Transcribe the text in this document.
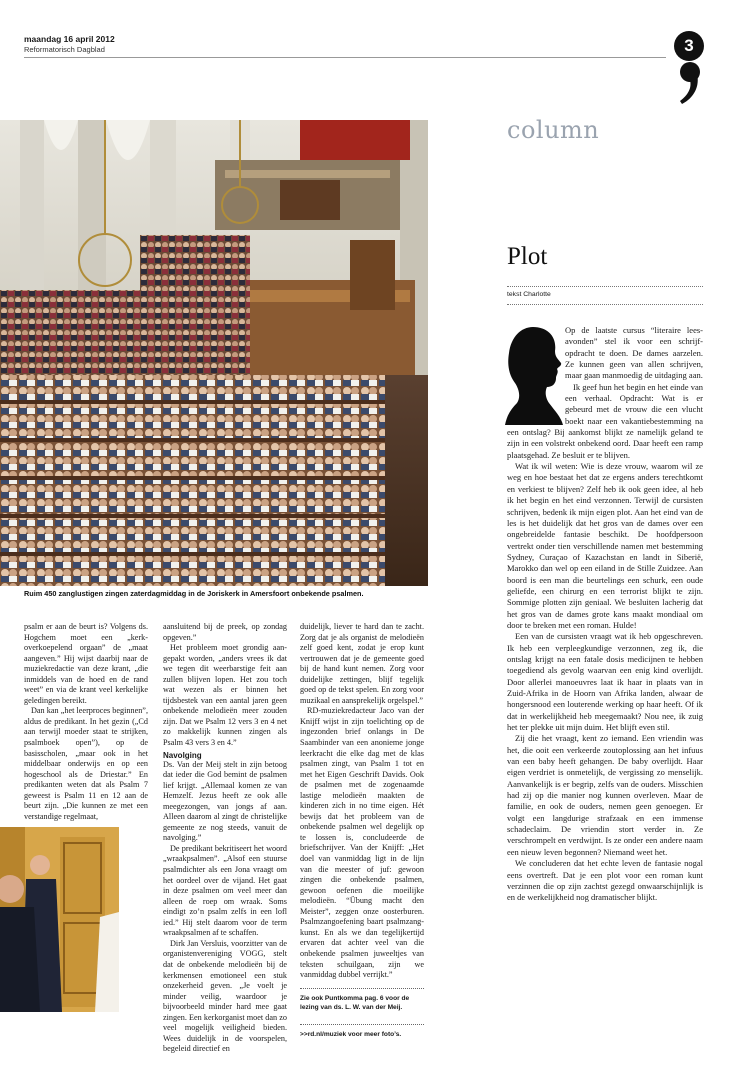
maandag 16 april 2012
Reformatorisch Dagblad	3
Ruim 450 zanglustigen zingen zaterdagmiddag in de Joriskerk in Amersfoort onbekende psalmen.

psalm er aan de beurt is? Volgens ds. Hogchem moet een „kerkoverkoepelend orgaan” de „maat aangeven.” Hij wijst daarbij naar de muziekredactie van deze krant, „die inmiddels van de hoed en de rand weet” en via de krant veel kerkelijke geledingen bereikt.

Dan kan „het leerproces beginnen”, aldus de predikant. In het gezin („Cd aan terwijl moeder staat te strijken, psalmboek open”), op de basisscholen, „maar ook in het middelbaar onderwijs en op een hogeschool als de Driestar.” En predikanten weten dat als Psalm 7 geweest is Psalm 11 en 12 aan de beurt zijn. „Die kunnen ze met een verstandige regelmaat,

aansluitend bij de preek, op zondag opgeven.”

Het probleem moet grondig aangepakt worden, „anders vrees ik dat we tegen dit weerbarstige feit aan zullen blijven lopen. Het zou toch wat wezen als er binnen het tijdsbestek van een aantal jaren geen onbekende melodieën meer zouden zijn. Dat we Psalm 12 vers 3 en 4 net zo makkelijk kunnen zingen als Psalm 43 vers 3 en 4.”

Navolging

Ds. Van der Meij stelt in zijn betoog dat ieder die God bemint de psalmen lief krijgt. „Allemaal komen ze van Hemzelf. Jezus heeft ze ook alle meegezongen, van jongs af aan. Alleen daarom al zingt de christelijke gemeente ze nog steeds, vanuit de navolging.”

De predikant bekritiseert het woord „wraakpsalmen”. „Alsof een stuurse psalmdichter als een Jona vraagt om het oordeel over de vijand. Het gaat in deze psalmen om veel meer dan alleen de roep om wraak. Soms eindigt zo’n psalm zelfs in een lofl ied.” Hij stelt daarom voor de term wraakpsalmen af te schaffen.

Dirk Jan Versluis, voorzitter van de organistenvereniging VOGG, stelt dat de onbekende melodieën bij de kerkmensen emotioneel een stuk onzekerheid geven. „Je voelt je minder veilig, waardoor je bijvoorbeeld minder hard mee gaat zingen. Een kerkorganist moet dan zo veel mogelijk veiligheid bieden. Wees duidelijk in de voorspelen, begeleid directief en

duidelijk, liever te hard dan te zacht. Zorg dat je als organist de melodieën zelf goed kent, zodat je erop kunt vertrouwen dat je de gemeente goed bij de hand kunt nemen. Zorg voor duidelijke zettingen, blijf tegelijk goed op de tekst spelen. En zorg voor muzikaal en aansprekelijk orgelspel.”

RD-muziekredacteur Jaco van der Knijff wijst in zijn toelichting op de ingezonden brief onlangs in De Saambinder van een anonieme jonge leerkracht die elke dag met de klas psalmen zingt, van Psalm 1 tot en met het Eigen Geschrift Davids. Ook de psalmen met de zogenaamde lastige melodieën maakten de kinderen zich in no time eigen. Hét bewijs dat het probleem van de onbekende psalmen wel degelijk op te lossen is, concludeerde de briefschrijver. Van der Knijff: „Het doel van vanmiddag ligt in de lijn van die meester of juf: gewoon zingen die onbekende psalmen, gewoon oefenen die moeilijke melodieën. “Übung macht den Meister”, zeggen onze oosterburen. Psalmzangoefening baart psalmzangkunst. En als we dan tegelijkertijd ervaren dat achter veel van die onbekende psalmen juweeltjes van teksten schuilgaan, zijn we vanmiddag dubbel verrijkt.”

Zie ook Puntkomma pag. 6 voor de lezing van ds. L. W. van der Meij.
>>rd.nl/muziek voor meer foto’s.
column
Plot
tekst Charlotte

Op de laatste cursus “literaire leesavonden” stel ik voor een schrijfopdracht te doen. De dames aarzelen. Ze kunnen geen van allen schrijven, maar gaan manmoedig de uitdaging aan.

Ik geef hun het begin en het einde van een verhaal. Opdracht: Wat is er gebeurd met de vrouw die een vlucht boekt naar een vakantiebestemming na een ontslag? Bij aankomst blijkt ze namelijk geland te zijn in een volstrekt onbekend oord. Daar heeft een ramp plaatsgehad. Ze besluit er te blijven.

Wat ik wil weten: Wie is deze vrouw, waarom wil ze weg en hoe bestaat het dat ze ergens anders terechtkomt en verkiest te blijven? Zelf heb ik ook geen idee, al heb ik het begin en het eind verzonnen. Terwijl de cursisten schrijven, bedenk ik mijn eigen plot. Aan het eind van de les is het duidelijk dat het gros van de dames over een ongebreidelde fantasie beschikt. De hoofdpersoon vertrekt onder tien verschillende namen met bestemming Sydney, Curaçao of Kazachstan en landt in Siberië, Marokko dan wel op een eiland in de Stille Zuidzee. Aan boord is een man die beurtelings een schurk, een oude geliefde, een chirurg en een terrorist blijkt te zijn. Sommige plotten zijn geniaal. We besluiten lacherig dat het gros van de dames grote kans maakt mondiaal om door te breken met een roman. Hulde!

Een van de cursisten vraagt wat ik heb opgeschreven. Ik heb een verpleegkundige verzonnen, zeg ik, die ontslag krijgt na een fatale dosis medicijnen te hebben toegediend als gevolg waarvan een enig kind overlijdt. Door allerlei manoeuvres laat ik haar in plaats van in Zuid-Afrika in de Hoorn van Afrika landen, alwaar de hongersnood een louterende werking op haar heeft. Of ik dat in werkelijkheid heb meegemaakt? Nou nee, ik zuig het ter plekke uit mijn duim. Het blijft even stil.

Zij die het vraagt, kent zo iemand. Een vriendin was het, die ooit een verkeerde zoutoplossing aan het infuus van een baby heeft gehangen. De baby overlijdt. Haar eigen verdriet is onmetelijk, de vergissing zo menselijk. Aanvankelijk is er begrip, zelfs van de ouders. Misschien had zij op die manier nog kunnen overleven. Maar de familie, en ook de ouders, nemen geen genoegen. Er volgt een langdurige strafzaak en een immense schadeclaim. De vriendin stort verder in. Ze verschrompelt en verdwijnt. Is ze onder een andere naam een nieuw leven begonnen? Niemand weet het.

We concluderen dat het echte leven de fantasie nogal eens overtreft. Dat je een plot voor een roman kunt verzinnen die op zijn zachtst gezegd onwaarschijnlijk is en de werkelijkheid nog dramatischer blijkt.
